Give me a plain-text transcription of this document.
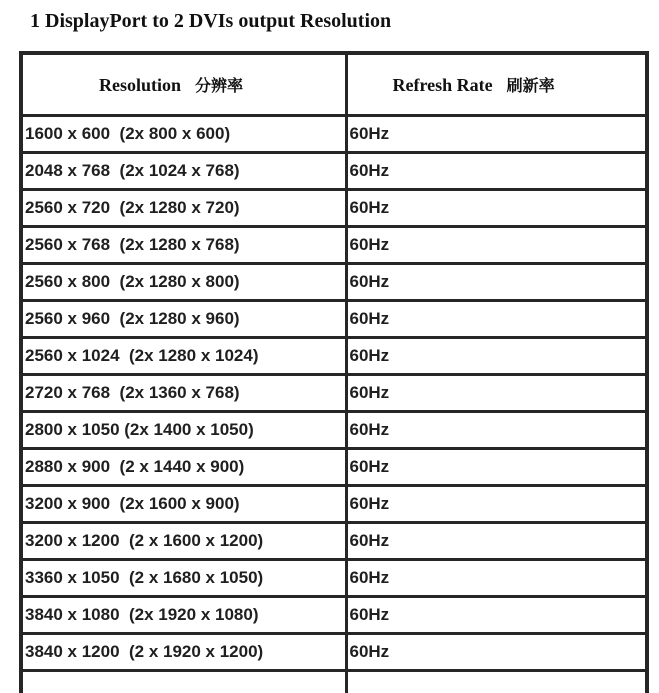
1 DisplayPort to 2 DVIs output Resolution

Resolution 分辨率	Refresh Rate 刷新率

1600 x 600  (2x 800 x 600)	60Hz
2048 x 768  (2x 1024 x 768)	60Hz
2560 x 720  (2x 1280 x 720)	60Hz
2560 x 768  (2x 1280 x 768)	60Hz
2560 x 800  (2x 1280 x 800)	60Hz
2560 x 960  (2x 1280 x 960)	60Hz
2560 x 1024  (2x 1280 x 1024)	60Hz
2720 x 768  (2x 1360 x 768)	60Hz
2800 x 1050 (2x 1400 x 1050)	60Hz
2880 x 900  (2 x 1440 x 900)	60Hz
3200 x 900  (2x 1600 x 900)	60Hz
3200 x 1200  (2 x 1600 x 1200)	60Hz
3360 x 1050  (2 x 1680 x 1050)	60Hz
3840 x 1080  (2x 1920 x 1080)	60Hz
3840 x 1200  (2 x 1920 x 1200)	60Hz
